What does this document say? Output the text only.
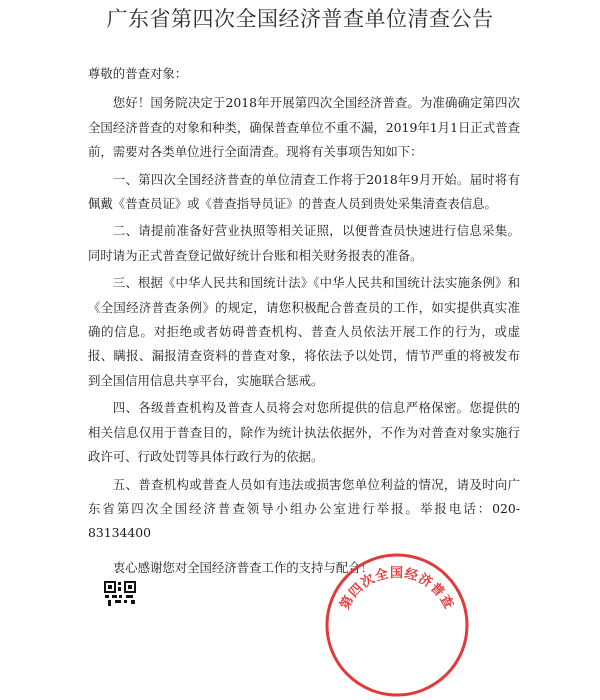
广东省第四次全国经济普查单位清查公告

尊敬的普查对象：

您好！国务院决定于2018年开展第四次全国经济普查。为准确确定第四次全国经济普查的对象和种类，确保普查单位不重不漏，2019年1月1日正式普查前，需要对各类单位进行全面清查。现将有关事项告知如下：

一、第四次全国经济普查的单位清查工作将于2018年9月开始。届时将有佩戴《普查员证》或《普查指导员证》的普查人员到贵处采集清查表信息。

二、请提前准备好营业执照等相关证照，以便普查员快速进行信息采集。同时请为正式普查登记做好统计台账和相关财务报表的准备。

三、根据《中华人民共和国统计法》《中华人民共和国统计法实施条例》和《全国经济普查条例》的规定，请您积极配合普查员的工作，如实提供真实准确的信息。对拒绝或者妨碍普查机构、普查人员依法开展工作的行为，或虚报、瞒报、漏报清查资料的普查对象，将依法予以处罚，情节严重的将被发布到全国信用信息共享平台，实施联合惩戒。

四、各级普查机构及普查人员将会对您所提供的信息严格保密。您提供的相关信息仅用于普查目的，除作为统计执法依据外，不作为对普查对象实施行政许可、行政处罚等具体行政行为的依据。

五、普查机构或普查人员如有违法或损害您单位利益的情况，请及时向广东省第四次全国经济普查领导小组办公室进行举报。举报电话：020-83134400

衷心感谢您对全国经济普查工作的支持与配合！

第四次全国经济普查
